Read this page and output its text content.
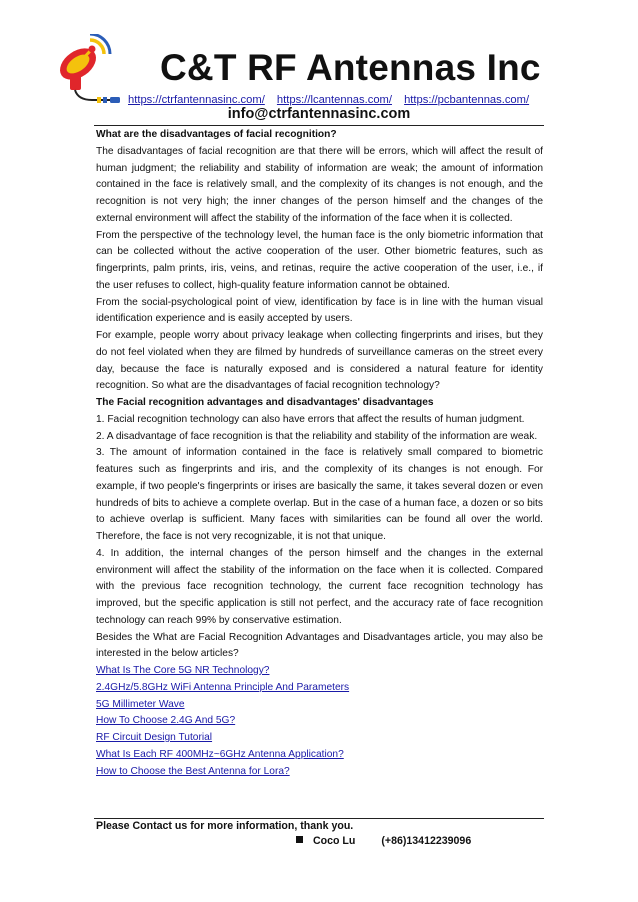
C&T RF Antennas Inc
https://ctrfantennasinc.com/ https://lcantennas.com/ https://pcbantennas.com/
info@ctrfantennasinc.com

What are the disadvantages of facial recognition?

The disadvantages of facial recognition are that there will be errors, which will affect the result of human judgment; the reliability and stability of information are weak; the amount of information contained in the face is relatively small, and the complexity of its changes is not enough, and the recognition is not very high; the inner changes of the person himself and the changes of the external environment will affect the stability of the information of the face when it is collected.

From the perspective of the technology level, the human face is the only biometric information that can be collected without the active cooperation of the user. Other biometric features, such as fingerprints, palm prints, iris, veins, and retinas, require the active cooperation of the user, i.e., if the user refuses to collect, high-quality feature information cannot be obtained.

From the social-psychological point of view, identification by face is in line with the human visual identification experience and is easily accepted by users.

For example, people worry about privacy leakage when collecting fingerprints and irises, but they do not feel violated when they are filmed by hundreds of surveillance cameras on the street every day, because the face is naturally exposed and is considered a natural feature for identity recognition. So what are the disadvantages of facial recognition technology?

The Facial recognition advantages and disadvantages' disadvantages

1. Facial recognition technology can also have errors that affect the results of human judgment.

2. A disadvantage of face recognition is that the reliability and stability of the information are weak.

3. The amount of information contained in the face is relatively small compared to biometric features such as fingerprints and iris, and the complexity of its changes is not enough. For example, if two people's fingerprints or irises are basically the same, it takes several dozen or even hundreds of bits to achieve a complete overlap. But in the case of a human face, a dozen or so bits to achieve overlap is sufficient. Many faces with similarities can be found all over the world. Therefore, the face is not very recognizable, it is not that unique.

4. In addition, the internal changes of the person himself and the changes in the external environment will affect the stability of the information on the face when it is collected. Compared with the previous face recognition technology, the current face recognition technology has improved, but the specific application is still not perfect, and the accuracy rate of face recognition technology can reach 99% by conservative estimation.

Besides the What are Facial Recognition Advantages and Disadvantages article, you may also be interested in the below articles?

What Is The Core 5G NR Technology?
2.4GHz/5.8GHz WiFi Antenna Principle And Parameters
5G Millimeter Wave
How To Choose 2.4G And 5G?
RF Circuit Design Tutorial
What Is Each RF 400MHz~6GHz Antenna Application?
How to Choose the Best Antenna for Lora?
Please Contact us for more information, thank you.
Coco Lu (+86)13412239096
